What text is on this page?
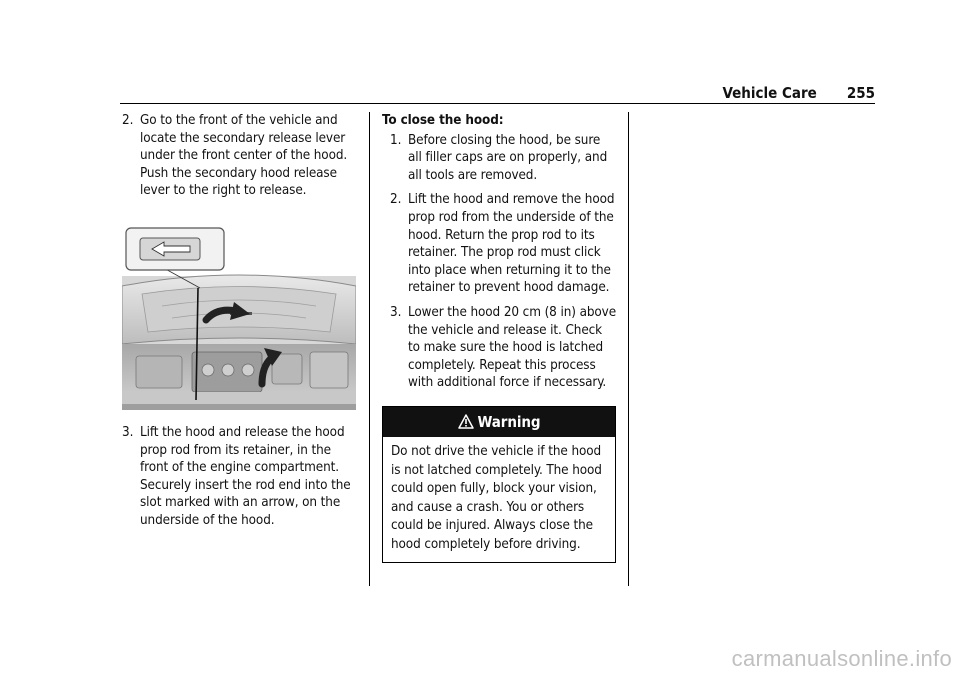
Vehicle Care 255
2. Go to the front of the vehicle and locate the secondary release lever under the front center of the hood. Push the secondary hood release lever to the right to release.
3. Lift the hood and release the hood prop rod from its retainer, in the front of the engine compartment. Securely insert the rod end into the slot marked with an arrow, on the underside of the hood.
To close the hood:
1. Before closing the hood, be sure all filler caps are on properly, and all tools are removed.
2. Lift the hood and remove the hood prop rod from the underside of the hood. Return the prop rod to its retainer. The prop rod must click into place when returning it to the retainer to prevent hood damage.
3. Lower the hood 20 cm (8 in) above the vehicle and release it. Check to make sure the hood is latched completely. Repeat this process with additional force if necessary.
Warning
Do not drive the vehicle if the hood is not latched completely. The hood could open fully, block your vision, and cause a crash. You or others could be injured. Always close the hood completely before driving.
carmanualsonline.info
